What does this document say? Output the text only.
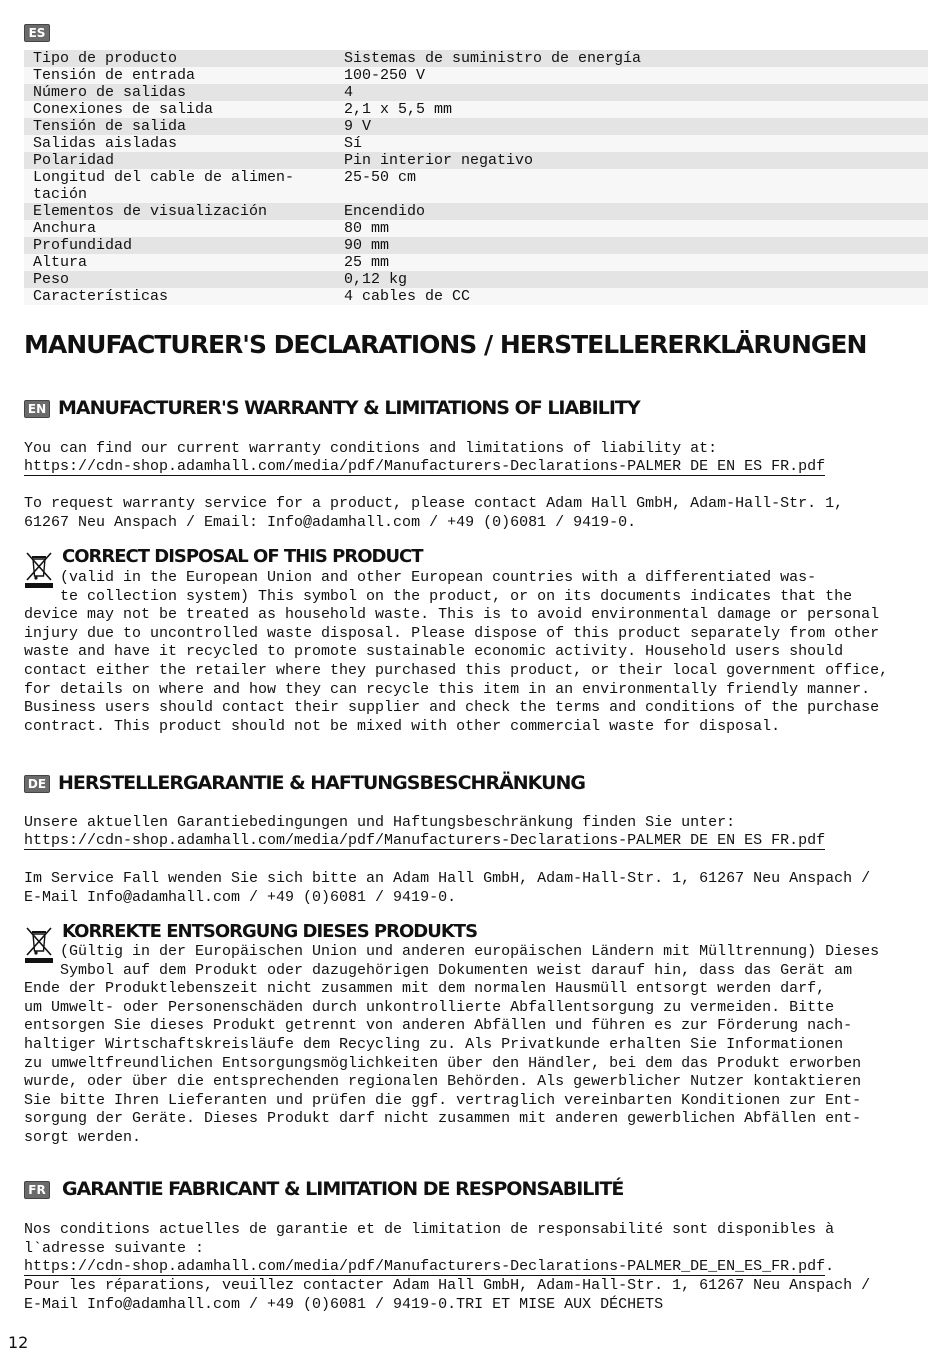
ES
Tipo de producto	Sistemas de suministro de energía
Tensión de entrada	100-250 V
Número de salidas	4
Conexiones de salida	2,1 x 5,5 mm
Tensión de salida	9 V
Salidas aisladas	Sí
Polaridad	Pin interior negativo
Longitud del cable de alimen-
tación	25-50 cm
Elementos de visualización	Encendido
Anchura	80 mm
Profundidad	90 mm
Altura	25 mm
Peso	0,12 kg
Características	4 cables de CC
MANUFACTURER'S DECLARATIONS / HERSTELLERERKLÄRUNGEN
EN MANUFACTURER'S WARRANTY & LIMITATIONS OF LIABILITY

You can find our current warranty conditions and limitations of liability at:

https://cdn-shop.adamhall.com/media/pdf/Manufacturers-Declarations-PALMER DE EN ES FR.pdf

To request warranty service for a product, please contact Adam Hall GmbH, Adam-Hall-Str. 1,
61267 Neu Anspach / Email: Info@adamhall.com / +49 (0)6081 / 9419-0.

CORRECT DISPOSAL OF THIS PRODUCT

(valid in the European Union and other European countries with a differentiated was-
te collection system) This symbol on the product, or on its documents indicates that the
device may not be treated as household waste. This is to avoid environmental damage or personal
injury due to uncontrolled waste disposal. Please dispose of this product separately from other
waste and have it recycled to promote sustainable economic activity. Household users should
contact either the retailer where they purchased this product, or their local government office,
for details on where and how they can recycle this item in an environmentally friendly manner.
Business users should contact their supplier and check the terms and conditions of the purchase
contract. This product should not be mixed with other commercial waste for disposal.

DE HERSTELLERGARANTIE & HAFTUNGSBESCHRÄNKUNG

Unsere aktuellen Garantiebedingungen und Haftungsbeschränkung finden Sie unter:

https://cdn-shop.adamhall.com/media/pdf/Manufacturers-Declarations-PALMER DE EN ES FR.pdf

Im Service Fall wenden Sie sich bitte an Adam Hall GmbH, Adam-Hall-Str. 1, 61267 Neu Anspach /
E-Mail Info@adamhall.com / +49 (0)6081 / 9419-0.

KORREKTE ENTSORGUNG DIESES PRODUKTS

(Gültig in der Europäischen Union und anderen europäischen Ländern mit Mülltrennung) Dieses
Symbol auf dem Produkt oder dazugehörigen Dokumenten weist darauf hin, dass das Gerät am
Ende der Produktlebenszeit nicht zusammen mit dem normalen Hausmüll entsorgt werden darf,
um Umwelt- oder Personenschäden durch unkontrollierte Abfallentsorgung zu vermeiden. Bitte
entsorgen Sie dieses Produkt getrennt von anderen Abfällen und führen es zur Förderung nach-
haltiger Wirtschaftskreisläufe dem Recycling zu. Als Privatkunde erhalten Sie Informationen
zu umweltfreundlichen Entsorgungsmöglichkeiten über den Händler, bei dem das Produkt erworben
wurde, oder über die entsprechenden regionalen Behörden. Als gewerblicher Nutzer kontaktieren
Sie bitte Ihren Lieferanten und prüfen die ggf. vertraglich vereinbarten Konditionen zur Ent-
sorgung der Geräte. Dieses Produkt darf nicht zusammen mit anderen gewerblichen Abfällen ent-
sorgt werden.

FR GARANTIE FABRICANT & LIMITATION DE RESPONSABILITÉ

Nos conditions actuelles de garantie et de limitation de responsabilité sont disponibles à
l`adresse suivante :

https://cdn-shop.adamhall.com/media/pdf/Manufacturers-Declarations-PALMER_DE_EN_ES_FR.pdf.

Pour les réparations, veuillez contacter Adam Hall GmbH, Adam-Hall-Str. 1, 61267 Neu Anspach /
E-Mail Info@adamhall.com / +49 (0)6081 / 9419-0.TRI ET MISE AUX DÉCHETS

12
